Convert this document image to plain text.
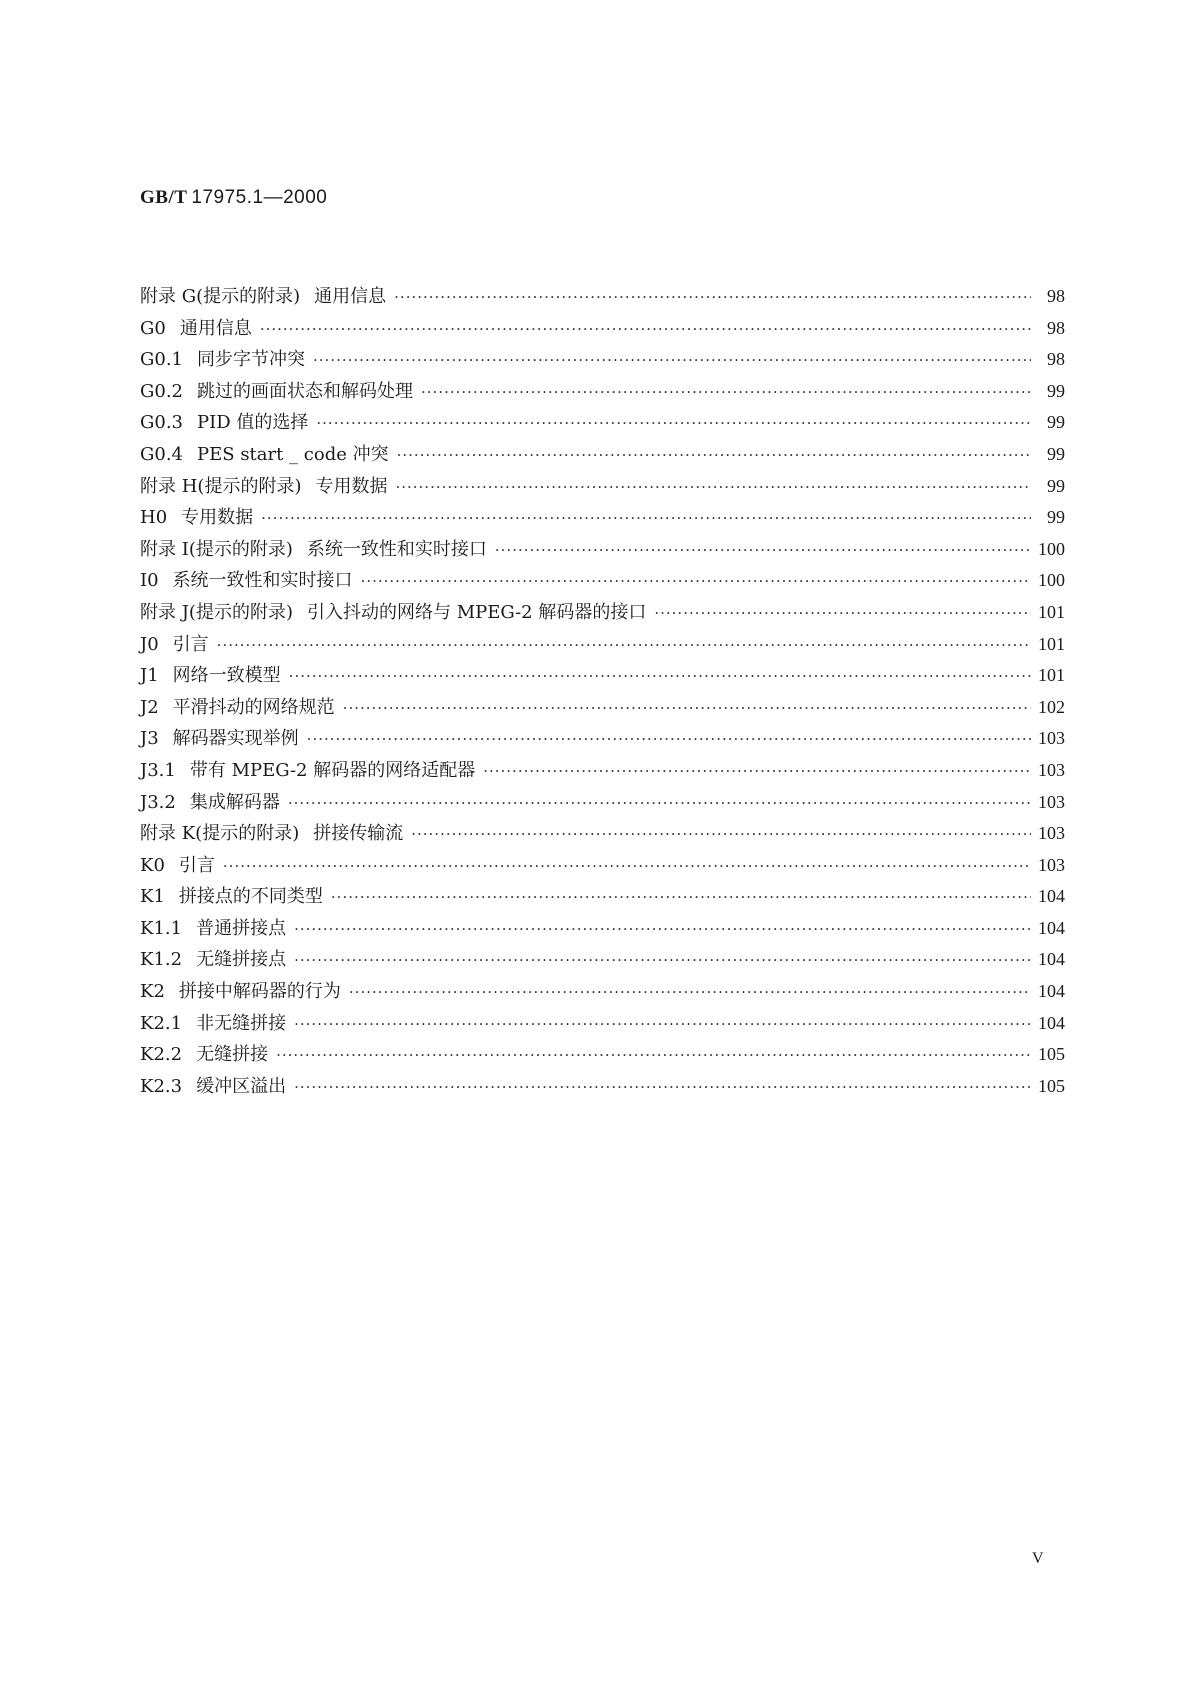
GB/T 17975.1—2000
附录 G(提示的附录) 通用信息 ·····	98
G0 通用信息 ·····	98
G0.1 同步字节冲突 ·····	98
G0.2 跳过的画面状态和解码处理 ·····	99
G0.3 PID 值的选择 ·····	99
G0.4 PES start _ code 冲突 ·····	99
附录 H(提示的附录) 专用数据 ·····	99
H0 专用数据 ·····	99
附录 I(提示的附录) 系统一致性和实时接口 ·····	100
I0 系统一致性和实时接口 ·····	100
附录 J(提示的附录) 引入抖动的网络与 MPEG-2 解码器的接口 ·····	101
J0 引言 ·····	101
J1 网络一致模型 ·····	101
J2 平滑抖动的网络规范 ·····	102
J3 解码器实现举例 ·····	103
J3.1 带有 MPEG-2 解码器的网络适配器 ·····	103
J3.2 集成解码器 ·····	103
附录 K(提示的附录) 拼接传输流 ·····	103
K0 引言 ·····	103
K1 拼接点的不同类型 ·····	104
K1.1 普通拼接点 ·····	104
K1.2 无缝拼接点 ·····	104
K2 拼接中解码器的行为 ·····	104
K2.1 非无缝拼接 ·····	104
K2.2 无缝拼接 ·····	105
K2.3 缓冲区溢出 ·····	105
V
